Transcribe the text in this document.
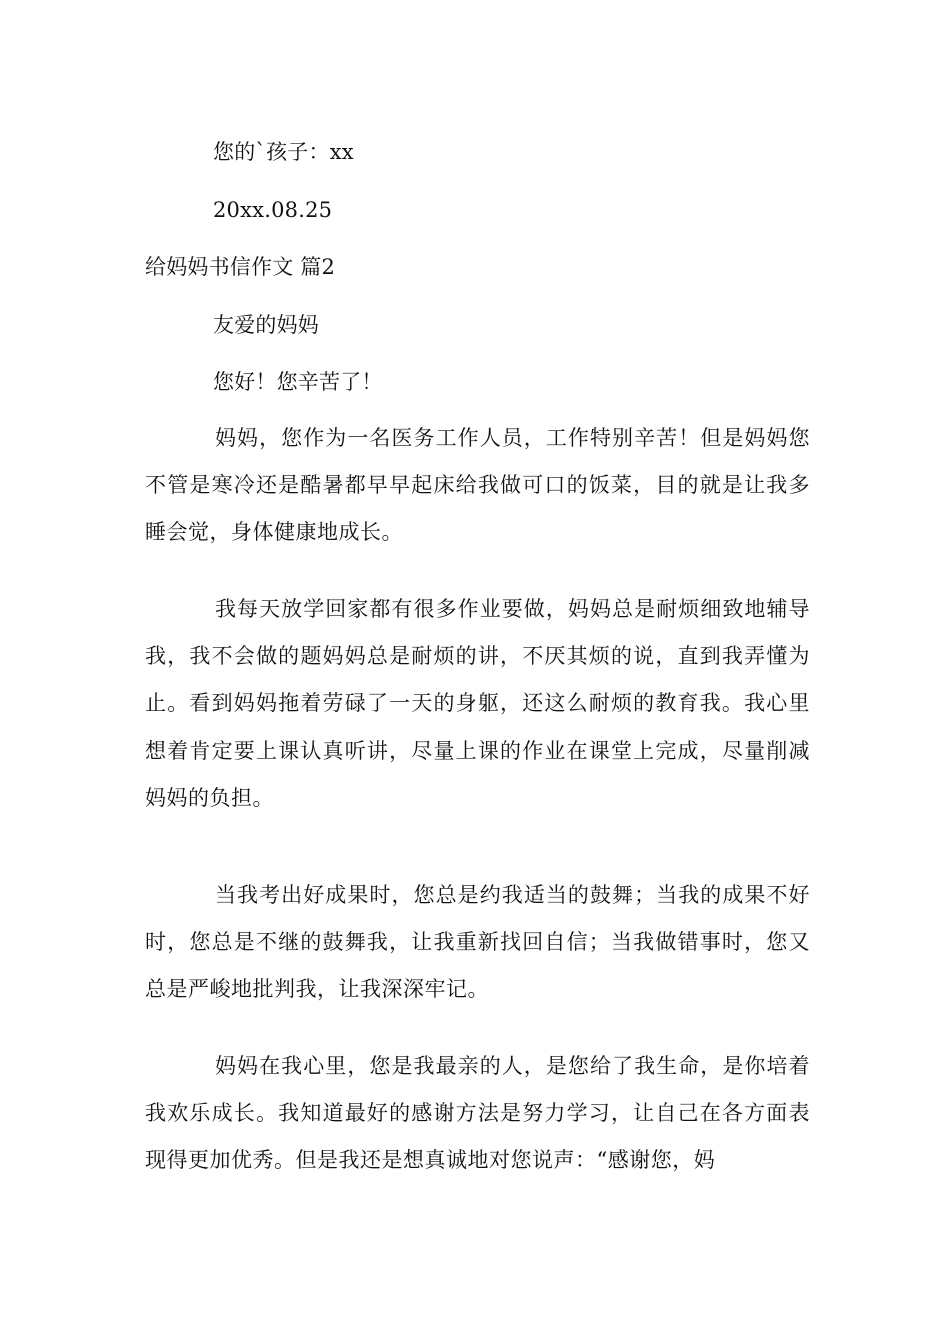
您的`孩子：xx
20xx.08.25
给妈妈书信作文 篇2
友爱的妈妈
您好！您辛苦了！
妈妈，您作为一名医务工作人员，工作特别辛苦！但是妈妈您不管是寒冷还是酷暑都早早起床给我做可口的饭菜，目的就是让我多睡会觉，身体健康地成长。
我每天放学回家都有很多作业要做，妈妈总是耐烦细致地辅导我，我不会做的题妈妈总是耐烦的讲，不厌其烦的说，直到我弄懂为止。看到妈妈拖着劳碌了一天的身躯，还这么耐烦的教育我。我心里想着肯定要上课认真听讲，尽量上课的作业在课堂上完成，尽量削减妈妈的负担。
当我考出好成果时，您总是约我适当的鼓舞；当我的成果不好时，您总是不继的鼓舞我，让我重新找回自信；当我做错事时，您又总是严峻地批判我，让我深深牢记。
妈妈在我心里，您是我最亲的人，是您给了我生命，是你培着我欢乐成长。我知道最好的感谢方法是努力学习，让自己在各方面表现得更加优秀。但是我还是想真诚地对您说声：“感谢您，妈
